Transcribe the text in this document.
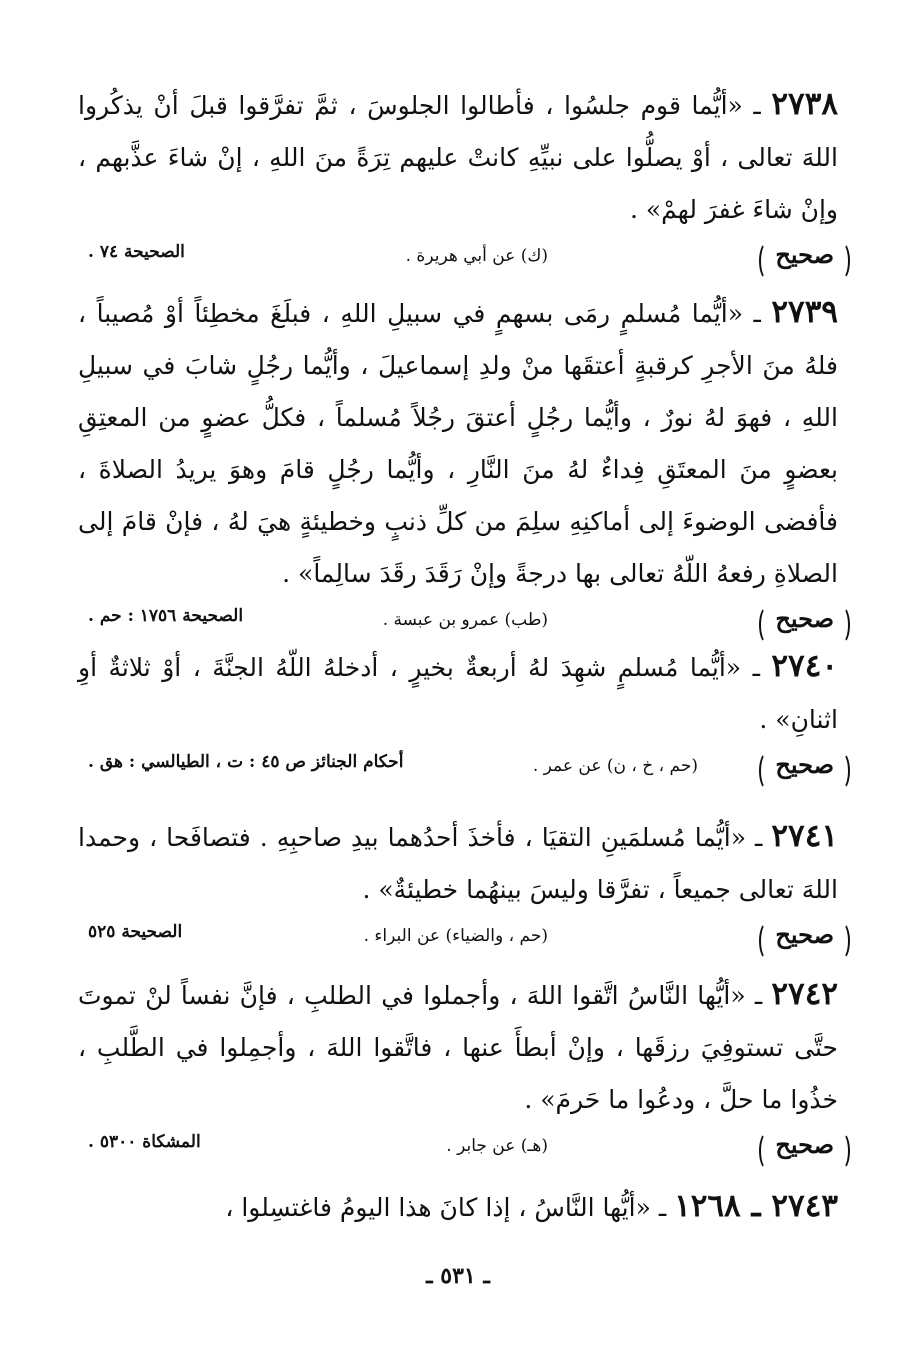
٢٧٣٨ ـ «أيُّما قوم جلسُوا ، فأطالوا الجلوسَ ، ثمَّ تفرَّقوا قبلَ أنْ يذكُروا اللهَ تعالى ، أوْ يصلُّوا على نبيِّهِ كانتْ عليهم تِرَةً منَ اللهِ ، إنْ شاءَ عذَّبهم ، وإنْ شاءَ غفرَ لهمْ» .

صحيح
(ك) عن أبي هريرة .
الصحيحة ٧٤ .

٢٧٣٩ ـ «أيُّما مُسلمٍ رمَى بسهمٍ في سبيلِ اللهِ ، فبلَغَ مخطِئاً أوْ مُصيباً ، فلهُ منَ الأجرِ كرقبةٍ أعتقَها منْ ولدِ إسماعيلَ ، وأيُّما رجُلٍ شابَ في سبيلِ اللهِ ، فهوَ لهُ نورٌ ، وأيُّما رجُلٍ أعتقَ رجُلاً مُسلماً ، فكلُّ عضوٍ من المعتِقِ بعضوٍ منَ المعتَقِ فِداءٌ لهُ منَ النَّارِ ، وأيُّما رجُلٍ قامَ وهوَ يريدُ الصلاةَ ، فأفضى الوضوءَ إلى أماكنِهِ سلِمَ من كلِّ ذنبٍ وخطيئةٍ هيَ لهُ ، فإنْ قامَ إلى الصلاةِ رفعهُ اللّهُ تعالى بها درجةً وإنْ رَقَدَ رقَدَ سالِماً» .

صحيح
(طب) عمرو بن عبسة .
الصحيحة ١٧٥٦ : حم .

٢٧٤٠ ـ «أيُّما مُسلمٍ شهِدَ لهُ أربعةٌ بخيرٍ ، أدخلهُ اللّهُ الجنَّةَ ، أوْ ثلاثةٌ أوِ اثنانِ» .

صحيح
(حم ، خ ، ن) عن عمر .
أحكام الجنائز ص ٤٥ : ت ، الطيالسي : هق .

٢٧٤١ ـ «أيُّما مُسلمَينِ التقيَا ، فأخذَ أحدُهما بيدِ صاحبِهِ . فتصافَحا ، وحمدا اللهَ تعالى جميعاً ، تفرَّقا وليسَ بينهُما خطيئةٌ» .

صحيح
(حم ، والضياء) عن البراء .
الصحيحة ٥٢٥

٢٧٤٢ ـ «أيُّها النَّاسُ اتَّقوا اللهَ ، وأجملوا في الطلبِ ، فإنَّ نفساً لنْ تموتَ حتَّى تستوفِيَ رزقَها ، وإنْ أبطأَ عنها ، فاتَّقوا اللهَ ، وأجمِلوا في الطَّلبِ ، خذُوا ما حلَّ ، ودعُوا ما حَرمَ» .

صحيح
(هـ) عن جابر .
المشكاة ٥٣٠٠ .

٢٧٤٣ ـ ١٢٦٨ ـ «أيُّها النَّاسُ ، إذا كانَ هذا اليومُ فاغتسِلوا ،

ـ ٥٣١ ـ
